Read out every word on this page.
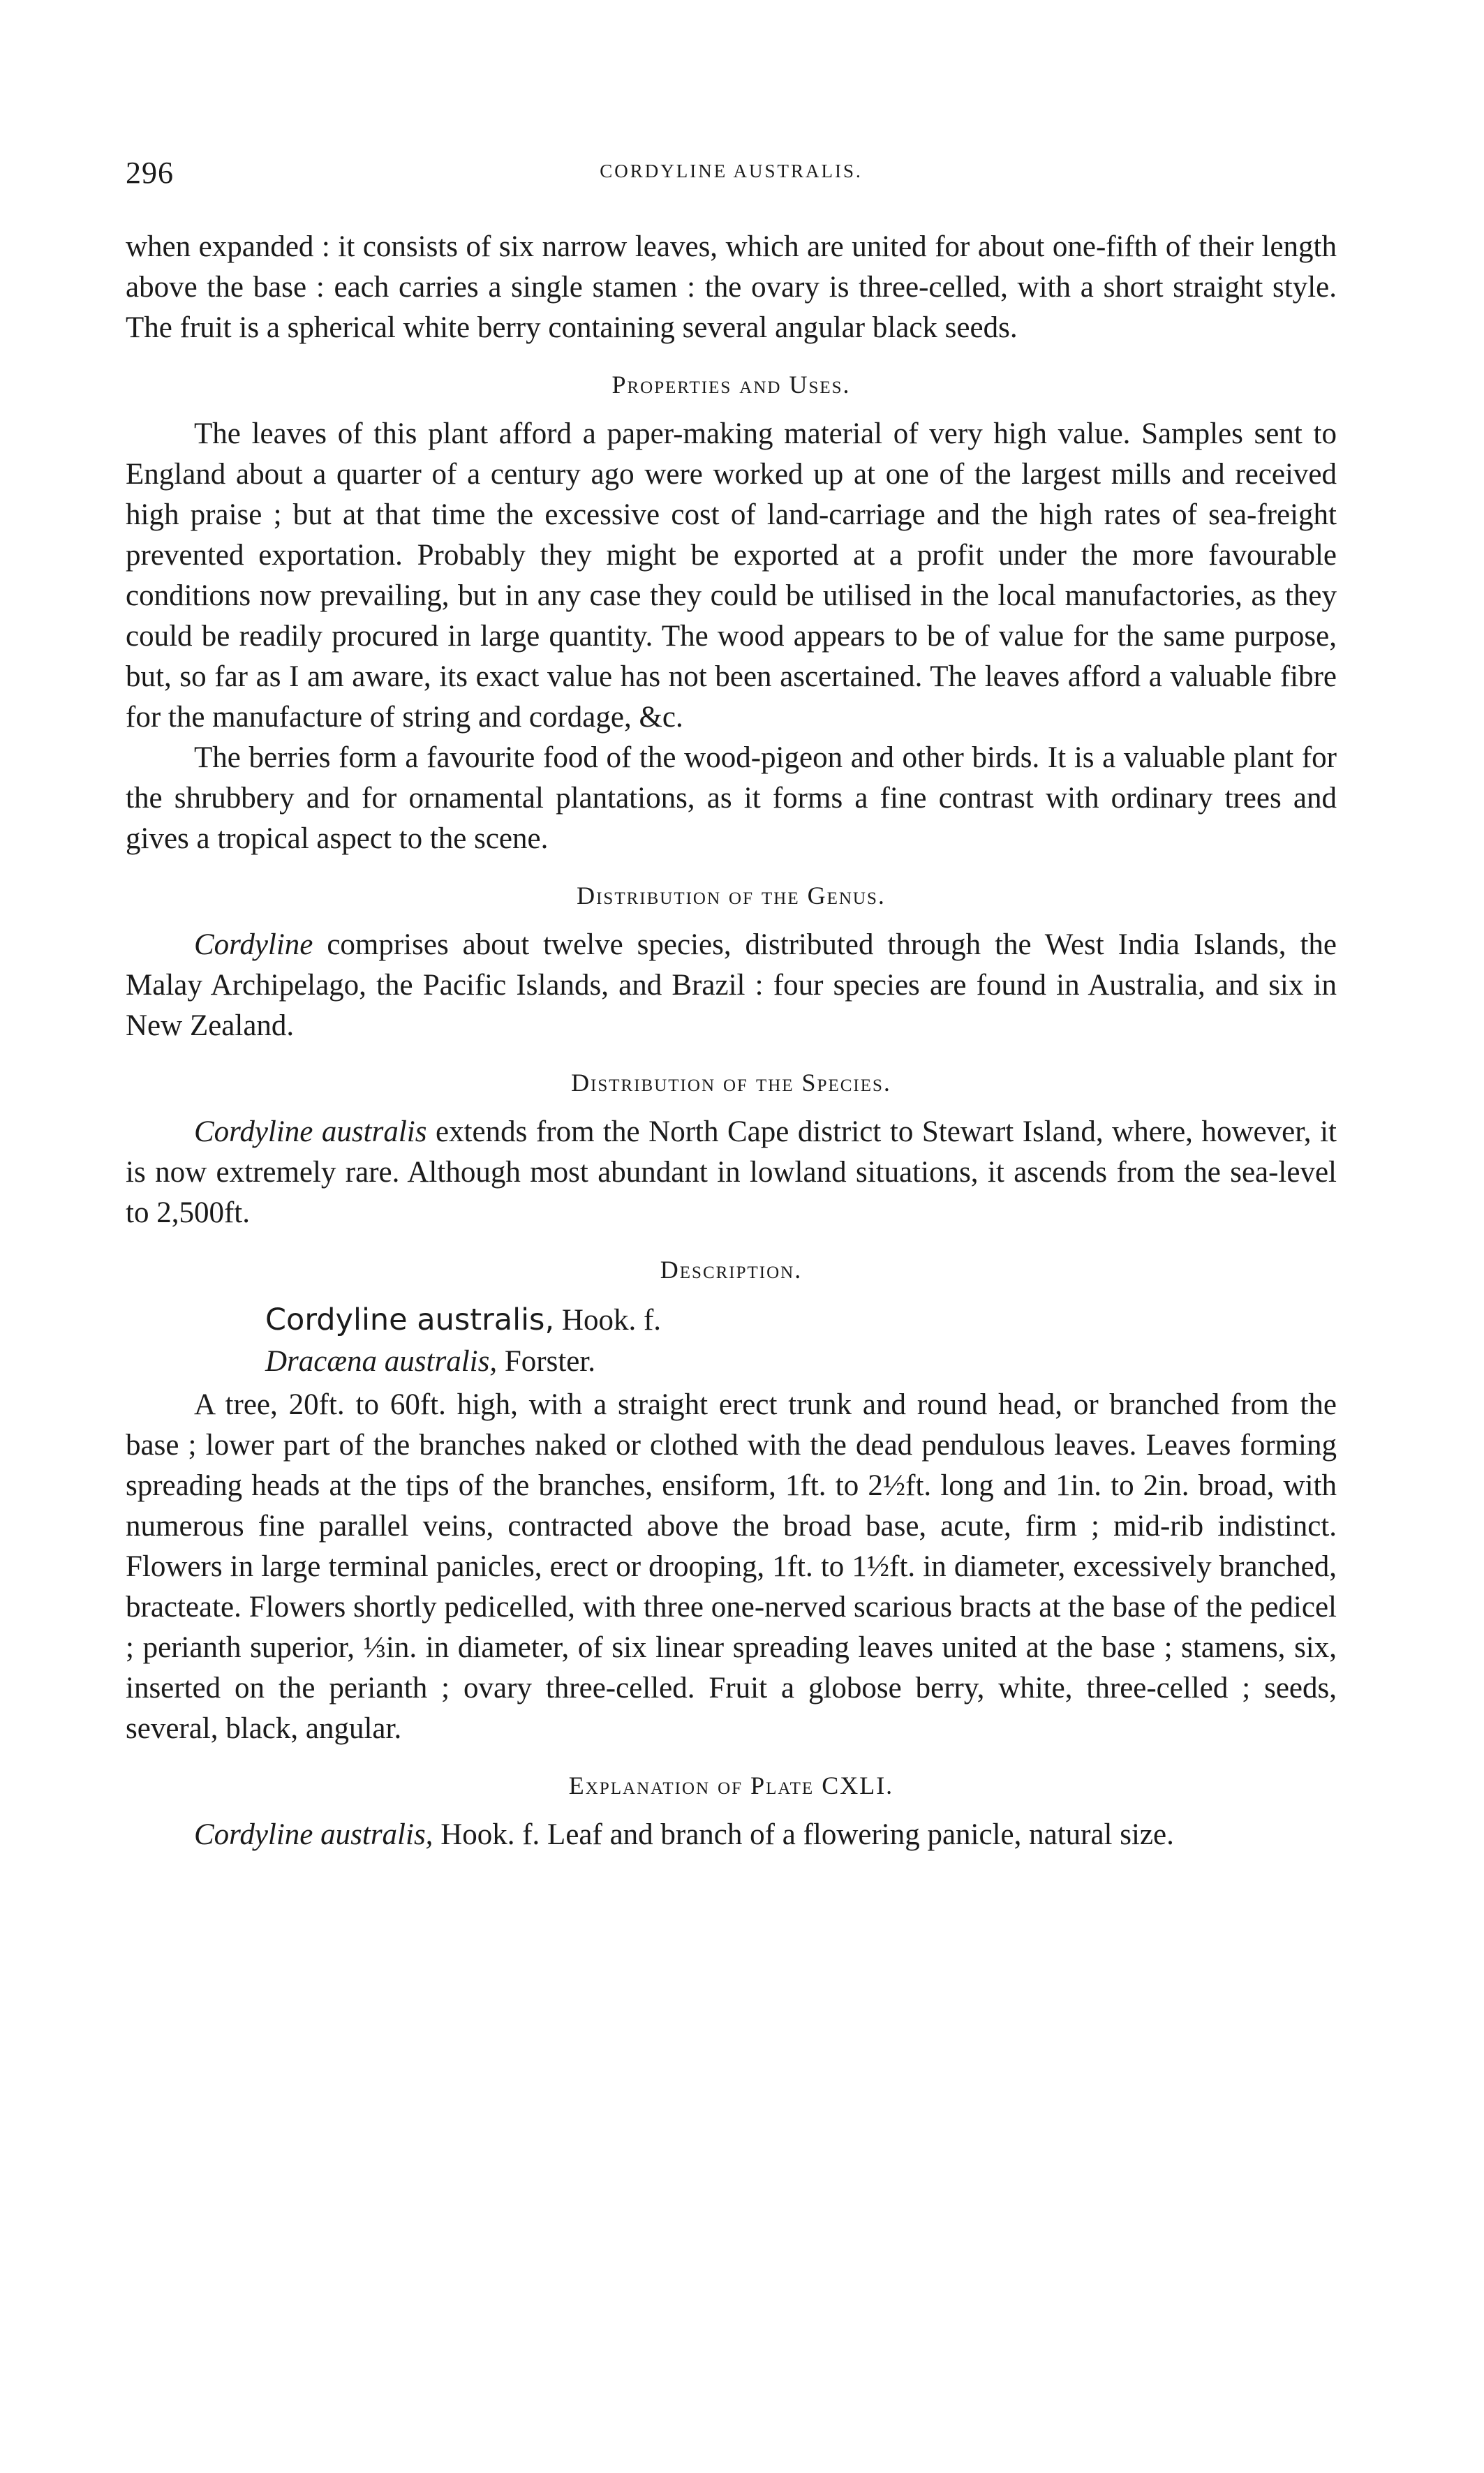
296	CORDYLINE AUSTRALIS.

when expanded : it consists of six narrow leaves, which are united for about one-fifth of their length above the base : each carries a single stamen : the ovary is three-celled, with a short straight style. The fruit is a spherical white berry containing several angular black seeds.

Properties and Uses.

The leaves of this plant afford a paper-making material of very high value. Samples sent to England about a quarter of a century ago were worked up at one of the largest mills and received high praise ; but at that time the excessive cost of land-carriage and the high rates of sea-freight prevented exportation. Probably they might be exported at a profit under the more favourable conditions now prevailing, but in any case they could be utilised in the local manufactories, as they could be readily procured in large quantity. The wood appears to be of value for the same purpose, but, so far as I am aware, its exact value has not been ascertained. The leaves afford a valuable fibre for the manufacture of string and cordage, &c.

The berries form a favourite food of the wood-pigeon and other birds. It is a valuable plant for the shrubbery and for ornamental plantations, as it forms a fine contrast with ordinary trees and gives a tropical aspect to the scene.

Distribution of the Genus.

Cordyline comprises about twelve species, distributed through the West India Islands, the Malay Archipelago, the Pacific Islands, and Brazil : four species are found in Australia, and six in New Zealand.

Distribution of the Species.

Cordyline australis extends from the North Cape district to Stewart Island, where, however, it is now extremely rare. Although most abundant in lowland situations, it ascends from the sea-level to 2,500ft.

Description.
Cordyline australis, Hook. f.
Dracæna australis, Forster.

A tree, 20ft. to 60ft. high, with a straight erect trunk and round head, or branched from the base ; lower part of the branches naked or clothed with the dead pendulous leaves. Leaves forming spreading heads at the tips of the branches, ensiform, 1ft. to 2½ft. long and 1in. to 2in. broad, with numerous fine parallel veins, contracted above the broad base, acute, firm ; mid-rib indistinct. Flowers in large terminal panicles, erect or drooping, 1ft. to 1½ft. in diameter, excessively branched, bracteate. Flowers shortly pedicelled, with three one-nerved scarious bracts at the base of the pedicel ; perianth superior, ⅓in. in diameter, of six linear spreading leaves united at the base ; stamens, six, inserted on the perianth ; ovary three-celled. Fruit a globose berry, white, three-celled ; seeds, several, black, angular.

Explanation of Plate CXLI.

Cordyline australis, Hook. f. Leaf and branch of a flowering panicle, natural size.
